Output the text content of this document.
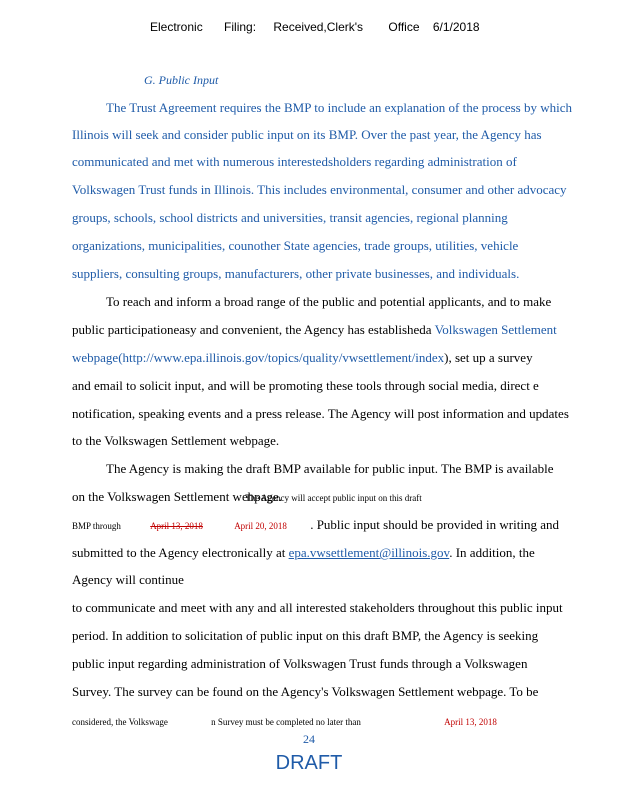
Electronic Filing: Received,Clerk's Office 6/1/2018
G. Public Input
The Trust Agreement requires the BMP to include an explanation of the process by which
Illinois will seek and consider public input on its BMP. Over the past year, the Agency has
communicated and met with numerous interestedsholders regarding administration of
Volkswagen Trust funds in Illinois. This includes environmental, consumer and other advocacy
groups, schools, school districts and universities, transit agencies, regional planning
organizations, municipalities, counother State agencies, trade groups, utilities, vehicle
suppliers, consulting groups, manufacturers, other private businesses, and individuals.
To reach and inform a broad range of the public and potential applicants, and to make
public participationeasy and convenient, the Agency has establisheda Volkswagen Settlement
webpage(http://www.epa.illinois.gov/topics/quality/vwsettlement/index), set up a survey
and email to solicit input, and will be promoting these tools through social media, direct e
notification, speaking events and a press release. The Agency will post information and updates
to the Volkswagen Settlement webpage.
The Agency is making the draft BMP available for public input. The BMP is available
on the Volkswagen Settlement webpage. The Agency will accept public input on this draft
BMP through	April 13, 2018	April 20, 2018 . Public input should be provided in writing and
submitted to the Agency electronically at epa.vwsettlement@illinois.gov. In addition, the
Agency will continue
to communicate and meet with any and all interested stakeholders throughout this public input
period. In addition to solicitation of public input on this draft BMP, the Agency is seeking
public input regarding administration of Volkswagen Trust funds through a Volkswagen
Survey. The survey can be found on the Agency's Volkswagen Settlement webpage. To be
considered, the Volkswage	n Survey must be completed no later than	April 13, 2018
24
DRAFT
